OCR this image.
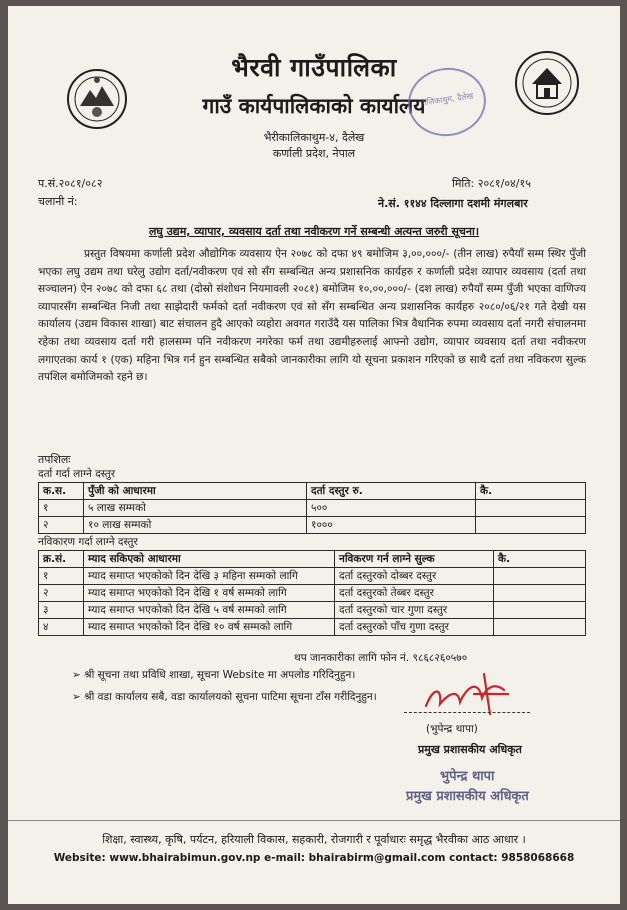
भैरवी गाउँपालिका
गाउँ कार्यपालिकाको कार्यालय
पालिकाथुम, दैलेख
भैरीकालिकाथुम-४, दैलेख
कर्णाली प्रदेश, नेपाल
प.सं.२०८१/०८२
चलानी नं:
मिति: २०८१/०४/१५
ने.सं. ११४४ दिल्लागा दशमी मंगलबार
लघु उद्यम, व्यापार, व्यवसाय दर्ता तथा नवीकरण गर्ने सम्बन्धी अत्यन्त जरुरी सूचना।
प्रस्तुत विषयमा कर्णाली प्रदेश औद्योगिक व्यवसाय ऐन २०७८ को दफा ४९ बमोजिम ३,००,०००/- (तीन लाख) रुपैयाँ सम्म स्थिर पुँजी भएका लघु उद्यम तथा घरेलु उद्योग दर्ता/नवीकरण एवं सो सँग सम्बन्धित अन्य प्रशासनिक कार्यहरु र कर्णाली प्रदेश व्यापार व्यवसाय (दर्ता तथा सञ्चालन) ऐन २०७८ को दफा ६८ तथा (दोस्रो संशोधन नियमावली २०८१) बमोजिम १०,००,०००/- (दश लाख) रुपैयाँ सम्म पुँजी भएका वाणिज्य व्यापारसँग सम्बन्धित निजी तथा साझेदारी फर्मको दर्ता नवीकरण एवं सो सँग सम्बन्धित अन्य प्रशासनिक कार्यहरु २०८०/०६/२१ गते देखी यस कार्यालय (उद्यम विकास शाखा) बाट संचालन हुदै आएको व्यहोरा अवगत गराउँदै यस पालिका भित्र वैधानिक रुपमा व्यवसाय दर्ता नगरी संचालनमा रहेका तथा व्यवसाय दर्ता गरी हालसम्म पनि नवीकरण नगरेका फर्म तथा उद्यमीहरुलाई आफ्नो उद्योग, व्यापार व्यवसाय दर्ता तथा नवीकरण लगाएतका कार्य १ (एक) महिना भित्र गर्न हुन सम्बन्धित सबैको जानकारीका लागि यो सूचना प्रकाशन गरिएको छ साथै दर्ता तथा नविकरण सुल्क तपशिल बमोजिमको रहने छ।
तपशिलः
दर्ता गर्दा लाग्ने दस्तुर
क.स.	पुँजी को आधारमा	दर्ता दस्तुर रु.	कै.
१	५ लाख सम्मको	५००	
२	१० लाख सम्मको	१०००	
नविकारण गर्दा लाग्ने दस्तुर
क्र.सं.	म्याद सकिएको आधारमा	नविकरण गर्न लाग्ने सुल्क	कै.
१	म्याद समाप्त भएकोको दिन देखि ३ महिना सम्मको लागि	दर्ता दस्तुरको दोब्बर दस्तुर	
२	म्याद समाप्त भएकोको दिन देखि १ वर्ष सम्मको लागि	दर्ता दस्तुरको तेब्बर दस्तुर	
३	म्याद समाप्त भएकोको दिन देखि ५ वर्ष सम्मको लागि	दर्ता दस्तुरको चार गुणा दस्तुर	
४	म्याद समाप्त भएकोको दिन देखि १० वर्ष सम्मको लागि	दर्ता दस्तुरको पाँच गुणा दस्तुर	
थप जानकारीका लागि फोन नं. ९८६८२६०५७०
➢ श्री सूचना तथा प्रविधि शाखा, सूचना Website मा अपलोड गरिदिनुहुन।
➢ श्री वडा कार्यालय सबै, वडा कार्यालयको सूचना पाटिमा सूचना टाँस गरीदिनुहुन।
(भुपेन्द्र थापा)
प्रमुख प्रशासकीय अधिकृत
भुपेन्द्र थापा
प्रमुख प्रशासकीय अधिकृत
शिक्षा, स्वास्थ्य, कृषि, पर्यटन, हरियाली विकास, सहकारी, रोजगारी र पूर्वाधारः समृद्ध भैरवीका आठ आधार ।
Website: www.bhairabimun.gov.np e-mail: bhairabirm@gmail.com contact: 9858068668
